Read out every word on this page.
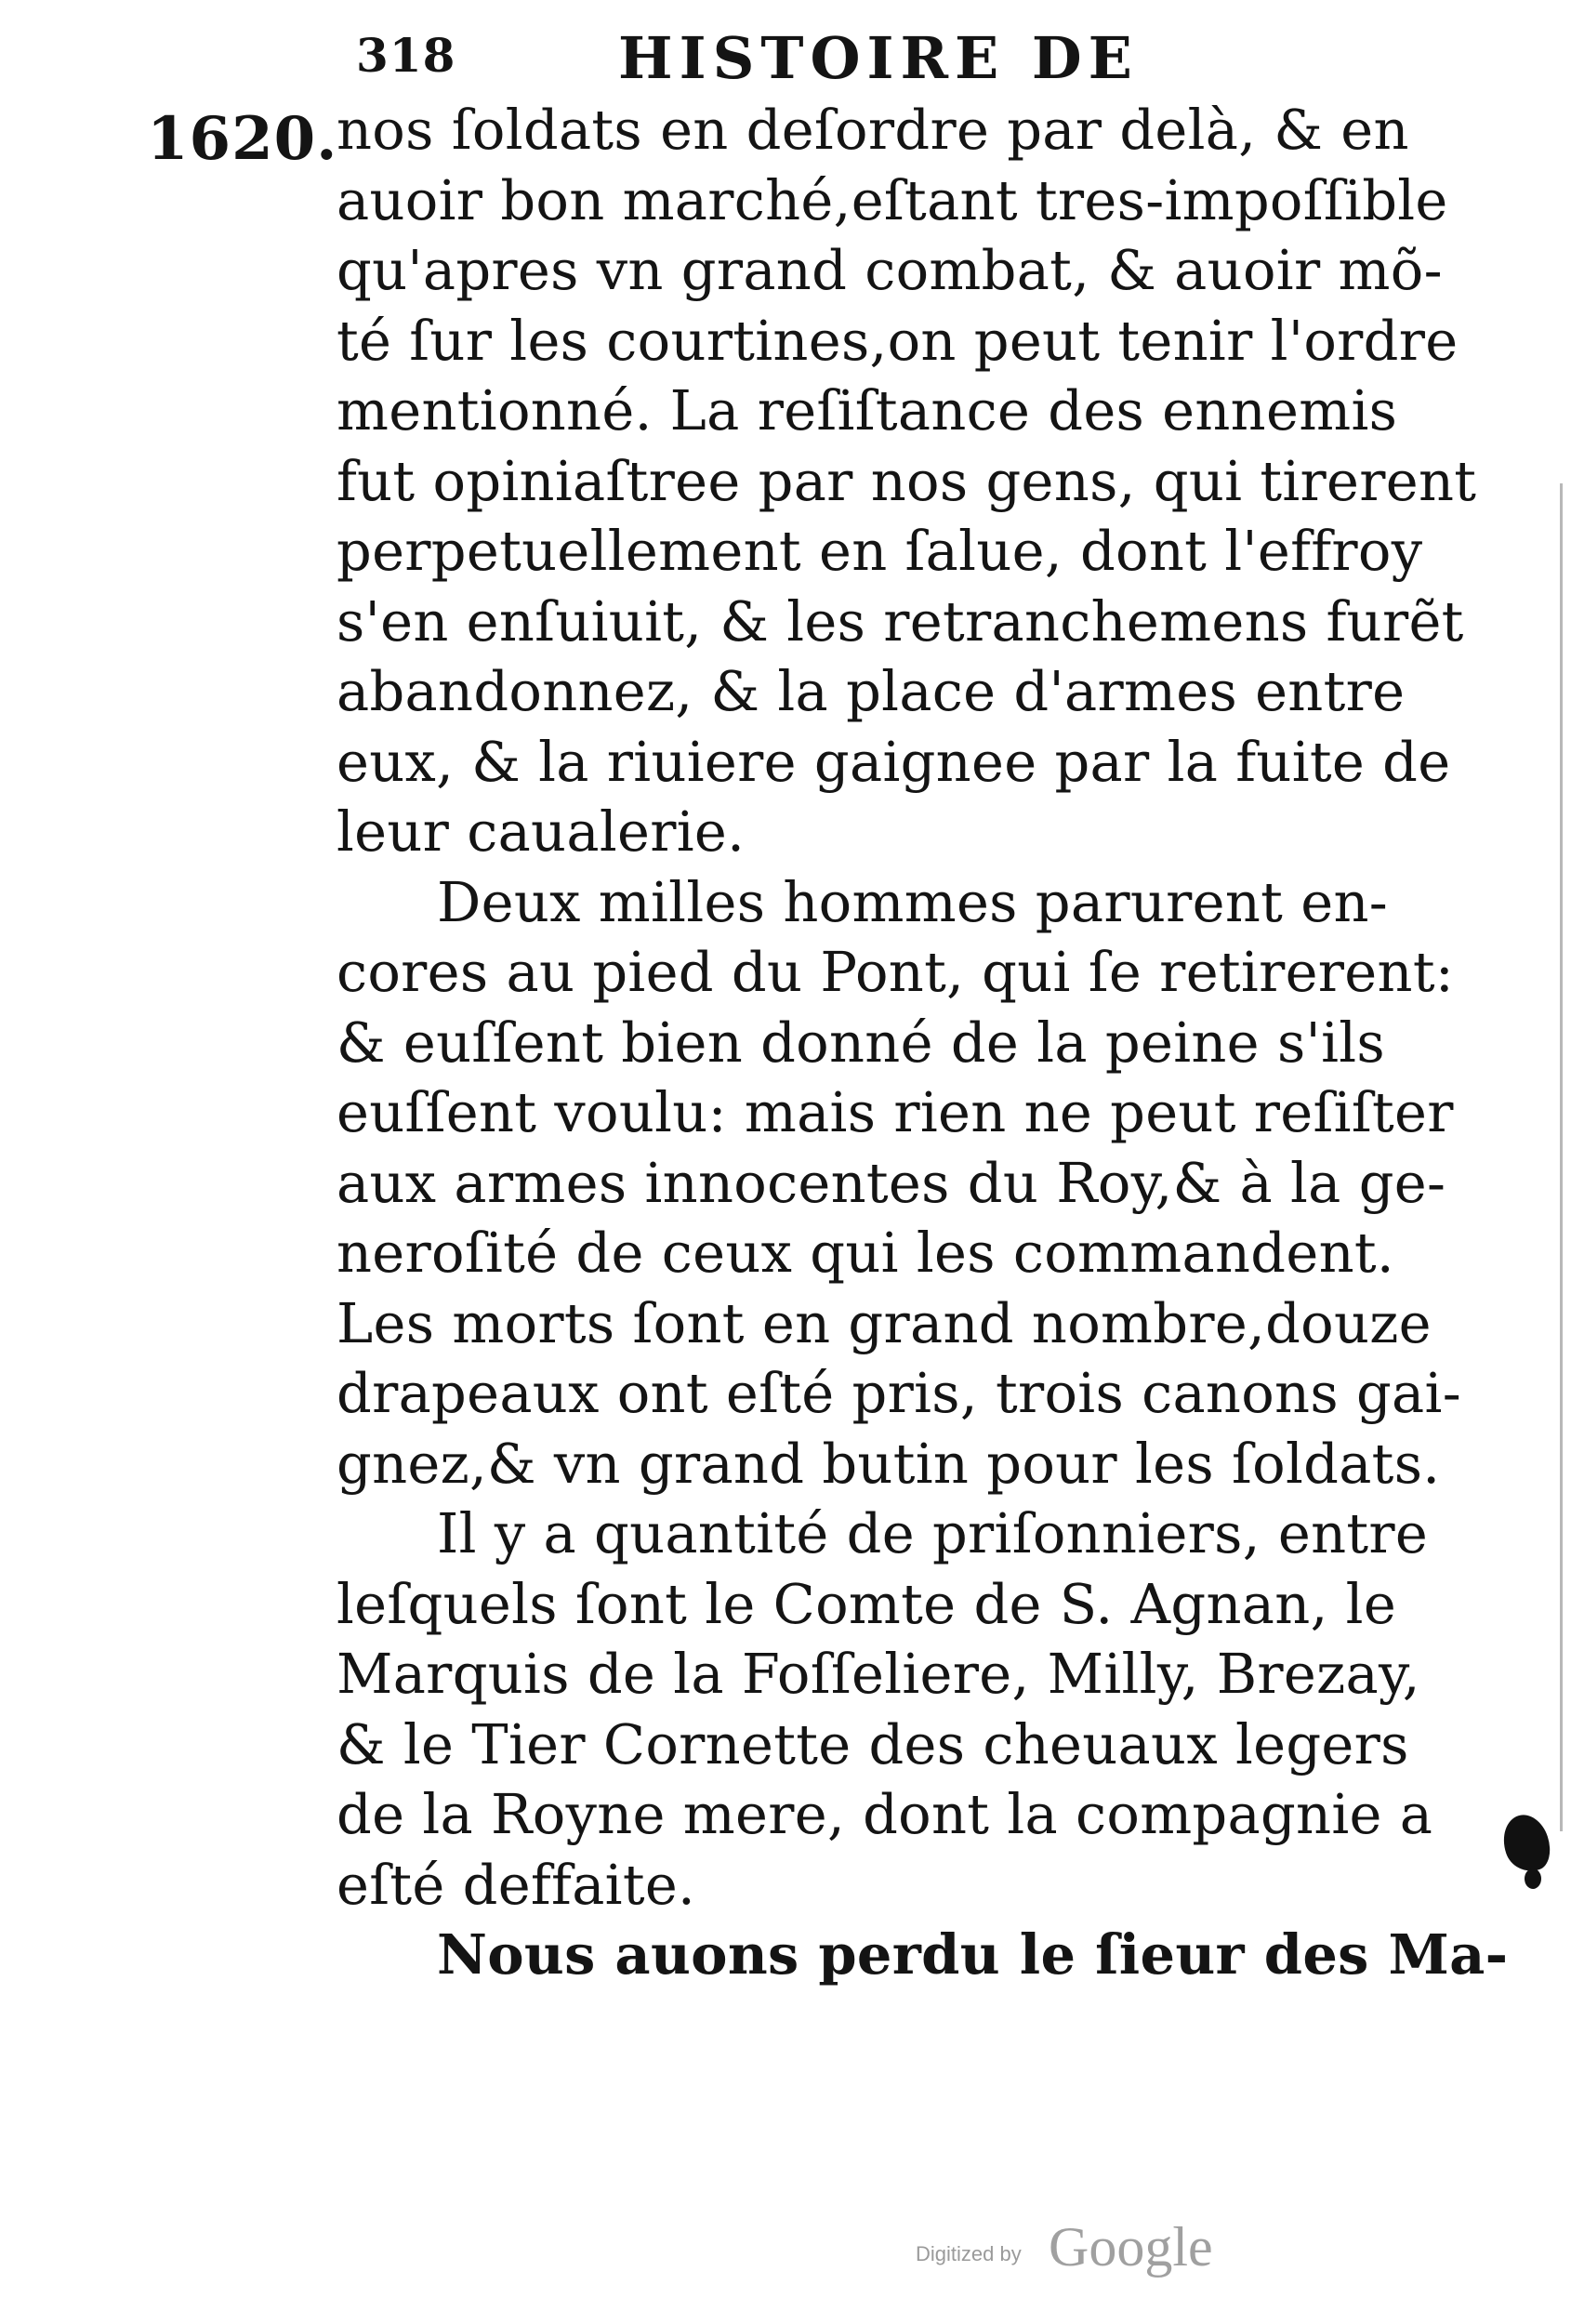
318	HISTOIRE DE
1620.
nos ſoldats en deſordre par delà, & en
auoir bon marché,eſtant tres-impoſſible
qu'apres vn grand combat, & auoir mõ-
té ſur les courtines,on peut tenir l'ordre
mentionné. La reſiſtance des ennemis
fut opiniaſtree par nos gens, qui tirerent
perpetuellement en ſalue, dont l'effroy
s'en enſuiuit, & les retranchemens furẽt
abandonnez, & la place d'armes entre
eux, & la riuiere gaignee par la fuite de
leur caualerie.
Deux milles hommes parurent en-
cores au pied du Pont, qui ſe retirerent:
& euſſent bien donné de la peine s'ils
euſſent voulu: mais rien ne peut reſiſter
aux armes innocentes du Roy,& à la ge-
neroſité de ceux qui les commandent.
Les morts ſont en grand nombre,douze
drapeaux ont eſté pris, trois canons gai-
gnez,& vn grand butin pour les ſoldats.
Il y a quantité de priſonniers, entre
leſquels ſont le Comte de S. Agnan, le
Marquis de la Foſſeliere, Milly, Brezay,
& le Tier Cornette des cheuaux legers
de la Royne mere, dont la compagnie a
eſté deffaite.
Nous auons perdu le ſieur des Ma-
Digitized by Google
